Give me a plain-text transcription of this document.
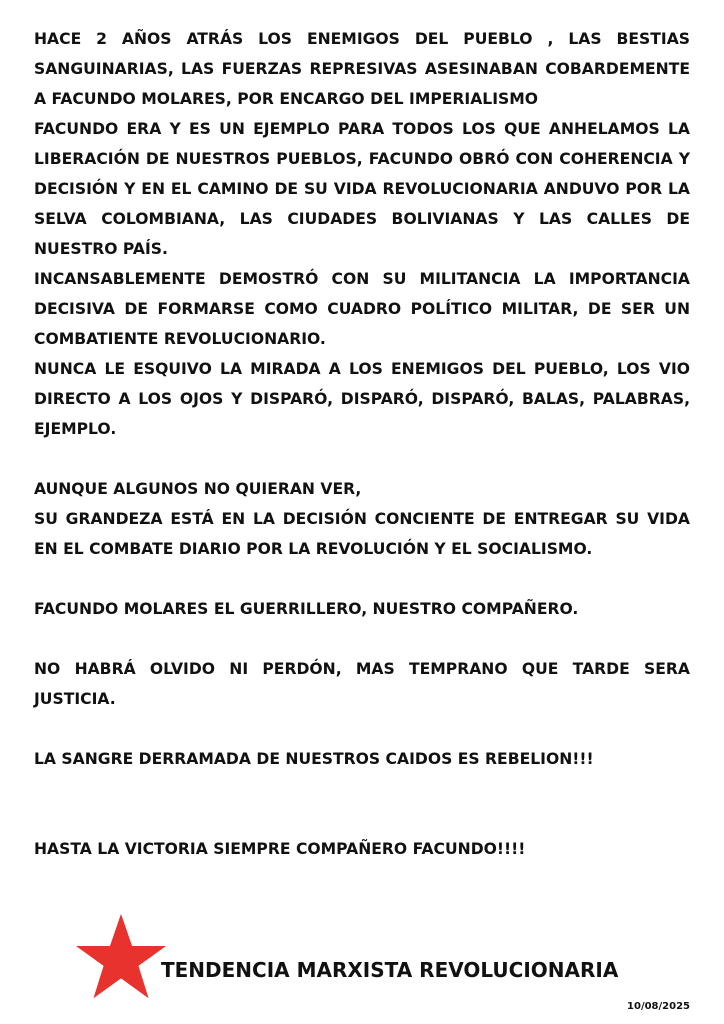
HACE 2 AÑOS ATRÁS LOS ENEMIGOS DEL PUEBLO , LAS BESTIAS SANGUINARIAS, LAS FUERZAS REPRESIVAS ASESINABAN COBARDEMENTE A FACUNDO MOLARES, POR ENCARGO DEL IMPERIALISMO

FACUNDO ERA Y ES UN EJEMPLO PARA TODOS LOS QUE ANHELAMOS LA LIBERACIÓN DE NUESTROS PUEBLOS, FACUNDO OBRÓ CON COHERENCIA Y DECISIÓN Y EN EL CAMINO DE SU VIDA REVOLUCIONARIA ANDUVO POR LA SELVA COLOMBIANA, LAS CIUDADES BOLIVIANAS Y LAS CALLES DE NUESTRO PAÍS.

INCANSABLEMENTE DEMOSTRÓ CON SU MILITANCIA LA IMPORTANCIA DECISIVA DE FORMARSE COMO CUADRO POLÍTICO MILITAR, DE SER UN COMBATIENTE REVOLUCIONARIO.

NUNCA LE ESQUIVO LA MIRADA A LOS ENEMIGOS DEL PUEBLO, LOS VIO DIRECTO A LOS OJOS Y DISPARÓ, DISPARÓ, DISPARÓ, BALAS, PALABRAS, EJEMPLO.

AUNQUE ALGUNOS NO QUIERAN VER,

SU GRANDEZA ESTÁ EN LA DECISIÓN CONCIENTE DE ENTREGAR SU VIDA EN EL COMBATE DIARIO POR LA REVOLUCIÓN Y EL SOCIALISMO.

FACUNDO MOLARES EL GUERRILLERO, NUESTRO COMPAÑERO.

NO HABRÁ OLVIDO NI PERDÓN, MAS TEMPRANO QUE TARDE SERA JUSTICIA.

LA SANGRE DERRAMADA DE NUESTROS CAIDOS ES REBELION!!!

HASTA LA VICTORIA SIEMPRE COMPAÑERO FACUNDO!!!!

TENDENCIA MARXISTA REVOLUCIONARIA
10/08/2025
